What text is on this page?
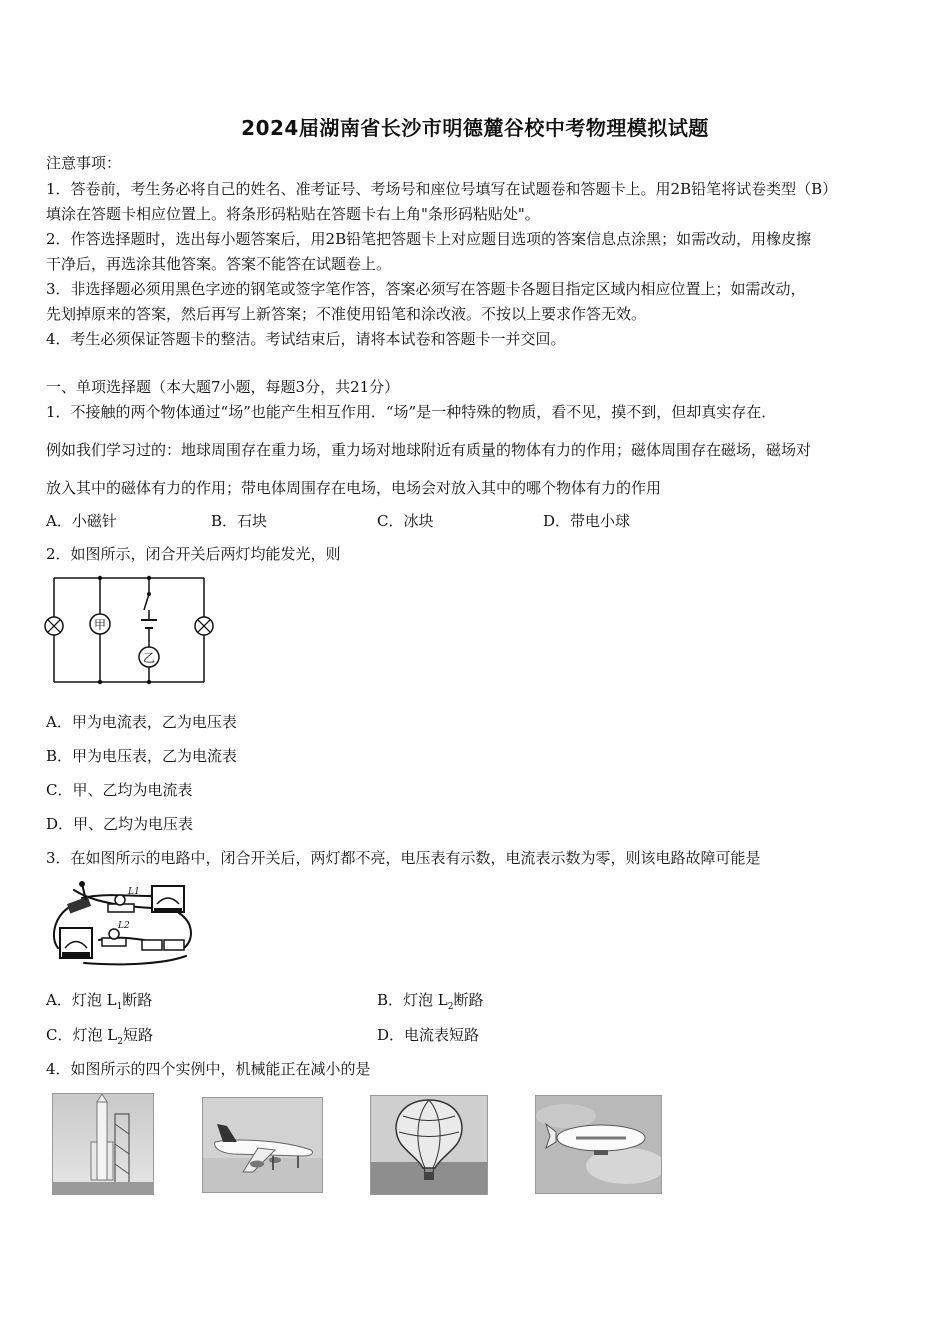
2024届湖南省长沙市明德麓谷校中考物理模拟试题
注意事项：
1．答卷前，考生务必将自己的姓名、准考证号、考场号和座位号填写在试题卷和答题卡上。用2B铅笔将试卷类型（B）
填涂在答题卡相应位置上。将条形码粘贴在答题卡右上角"条形码粘贴处"。
2．作答选择题时，选出每小题答案后，用2B铅笔把答题卡上对应题目选项的答案信息点涂黑；如需改动，用橡皮擦
干净后，再选涂其他答案。答案不能答在试题卷上。
3．非选择题必须用黑色字迹的钢笔或签字笔作答，答案必须写在答题卡各题目指定区域内相应位置上；如需改动，
先划掉原来的答案，然后再写上新答案；不准使用铅笔和涂改液。不按以上要求作答无效。
4．考生必须保证答题卡的整洁。考试结束后，请将本试卷和答题卡一并交回。
一、单项选择题（本大题7小题，每题3分，共21分）
1．不接触的两个物体通过“场”也能产生相互作用．“场”是一种特殊的物质，看不见，摸不到，但却真实存在．
例如我们学习过的：地球周围存在重力场，重力场对地球附近有质量的物体有力的作用；磁体周围存在磁场，磁场对
放入其中的磁体有力的作用；带电体周围存在电场，电场会对放入其中的哪个物体有力的作用
A．小磁针	B．石块	C．冰块	D．带电小球
2．如图所示，闭合开关后两灯均能发光，则
甲
乙
A．甲为电流表，乙为电压表
B．甲为电压表，乙为电流表
C．甲、乙均为电流表
D．甲、乙均为电压表
3．在如图所示的电路中，闭合开关后，两灯都不亮，电压表有示数，电流表示数为零，则该电路故障可能是
L1
L2
A．灯泡 $L_1$断路	B．灯泡 $L_2$断路
C．灯泡 $L_2$短路	D．电流表短路
4．如图所示的四个实例中，机械能正在减小的是
